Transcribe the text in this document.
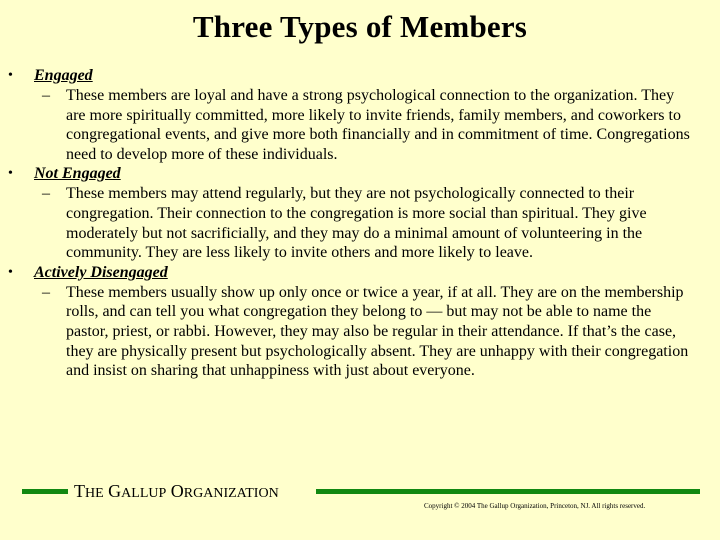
Three Types of Members
• Engaged
– These members are loyal and have a strong psychological connection to the organization. They are more spiritually committed, more likely to invite friends, family members, and coworkers to congregational events, and give more both financially and in commitment of time. Congregations need to develop more of these individuals.
• Not Engaged
– These members may attend regularly, but they are not psychologically connected to their congregation. Their connection to the congregation is more social than spiritual. They give moderately but not sacrificially, and they may do a minimal amount of volunteering in the community. They are less likely to invite others and more likely to leave.
• Actively Disengaged
– These members usually show up only once or twice a year, if at all. They are on the membership rolls, and can tell you what congregation they belong to — but may not be able to name the pastor, priest, or rabbi. However, they may also be regular in their attendance. If that’s the case, they are physically present but psychologically absent. They are unhappy with their congregation and insist on sharing that unhappiness with just about everyone.
THE GALLUP ORGANIZATION
Copyright © 2004 The Gallup Organization, Princeton, NJ. All rights reserved.
